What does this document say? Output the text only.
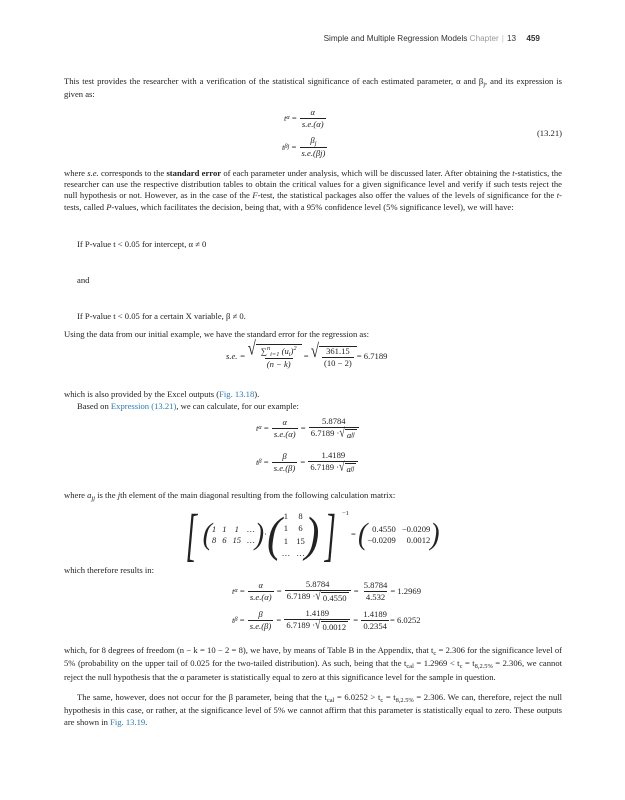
Simple and Multiple Regression Models Chapter | 13 459

This test provides the researcher with a verification of the statistical significance of each estimated parameter, α and $\beta_j$, and its expression is given as:

t $\alpha = \frac{\alpha}{s.e.(\alpha)}$
t $\beta j = \frac{\beta_j}{s.e.(\beta j)}$
(13.21)

where s.e. corresponds to the standard error of each parameter under analysis, which will be discussed later. After obtaining the t-statistics, the researcher can use the respective distribution tables to obtain the critical values for a given significance level and verify if such tests reject the null hypothesis or not. However, as in the case of the F-test, the statistical packages also offer the values of the levels of significance for the t-tests, called P-values, which facilitates the decision, being that, with a 95% confidence level (5% significance level), we will have:

If P-value t < 0.05 for intercept, α ≠ 0
and
If P-value t < 0.05 for a certain X variable, β ≠ 0.
Using the data from our initial example, we have the standard error for the regression as:
s.e. =
√ $\frac{\sum^n_{i=1} (u_i)^2}{(n - k)}$ = √ $\frac{361.15}{(10 - 2)} = 6.7189$

which is also provided by the Excel outputs (Fig. 13.18).

Based on Expression (13.21), we can calculate, for our example:

t $\alpha = \frac{\alpha}{s.e.(\alpha)} = \frac{5.8784}{\text{6.7189 · √ a jj}}$
t $\beta = \frac{\beta}{s.e.(\beta)} = \frac{1.4189}{\text{6.7189 · √ a jj}}$

where $a_{jj}$ is the jth element of the main diagonal resulting from the following calculation matrix:

[ ( 1 1 1 …
8 6 15 … ) · ( 1 8
1 6
1 15
… … ) ] −1
= ( 0.4550 −0.0209
−0.0209 0.0012 )
which therefore results in:
t $\alpha = \frac{\alpha}{s.e.(\alpha)} = \frac{5.8784}{6.7189 \cdot √ 0.4550} = \frac{5.8784}{4.532} = 1.2969$
t $\beta = \frac{\beta}{s.e.(\beta)} = \frac{1.4189}{6.7189 \cdot √ 0.0012} = \frac{1.4189}{0.2354} = 6.0252$

which, for 8 degrees of freedom (n − k = 10 − 2 = 8), we have, by means of Table B in the Appendix, that $t_c = 2.306$ for the significance level of 5% (probability on the upper tail of 0.025 for the two-tailed distribution). As such, being that the $t_{cal} = 1.2969 < t_c = t_{8,2.5\%} = 2.306$, we cannot reject the null hypothesis that the α parameter is statistically equal to zero at this significance level for the sample in question.

The same, however, does not occur for the β parameter, being that the $t_{cal} = 6.0252 > t_c = t_{8,2.5\%} = 2.306$. We can, therefore, reject the null hypothesis in this case, or rather, at the significance level of 5% we cannot affirm that this parameter is statistically equal to zero. These outputs are shown in Fig. 13.19.
